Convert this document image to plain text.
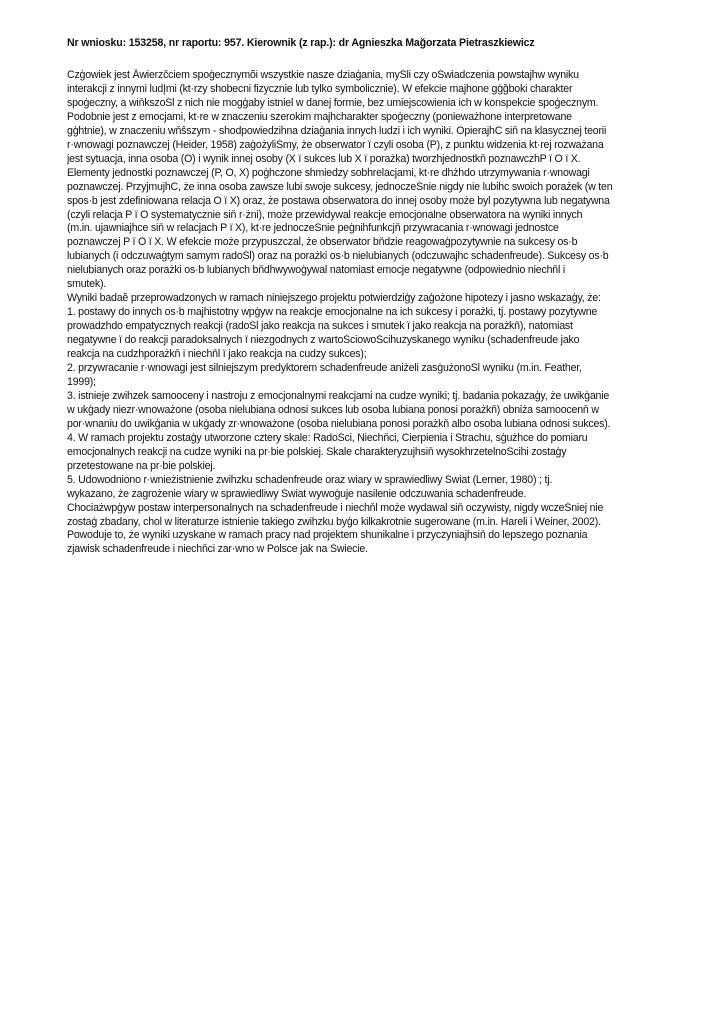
Nr wniosku: 153258, nr raportu: 957. Kierownik (z rap.): dr Agnieszka Mağorzata Pietraszkiewicz
Czģowiek jest Ăwierzčciem spoģecznymõi wszystkie nasze dziaģania, myŚli czy oŚwiadczenia powstajĥw wyniku
interakcji z innymi ludĮmi (kt·rzy sĥobecni fizycznie lub tylko symbolicznie). W efekcie majĥone gģğboki charakter
spoģeczny, a wiňkszoŚĺ z nich nie mogģaby istnieĺ w danej formie, bez umiejscowienia ich w konspekcie spoģecznym.
Podobnie jest z emocjami, kt·re w znaczeniu szerokim majĥcharakter spoģeczny (ponieważĥone interpretowane
gģĥtnie), w znaczeniu wňŝszym - sĥodpowiedziĥna dziaģania innych ludzi i ich wyniki. OpierajĥC siň na klasycznej teorii
r·wnowagi poznawczej (Heider, 1958) zaģożyliŚmy, że obserwator ï czyli osoba (P), z punktu widzenia kt·rej rozważana
jest sytuacja, inna osoba (O) i wynik innej osoby (X ï sukces lub X ï porażka) tworzĥjednostkň poznawczĥP ï O ï X.
Elementy jednostki poznawczej (P, O, X) poģĥczone sĥmiedzy sobĥrelacjami, kt·re dĥżĥdo utrzymywania r·wnowagi
poznawczej. PrzyjmujĥC, że inna osoba zawsze lubi swoje sukcesy, jednoczeŚnie nigdy nie lubiĥc swoich porażek (w ten
spos·b jest zdefiniowana relacja O ï X) oraz, że postawa obserwatora do innej osoby może byĺ pozytywna lub negatywna
(czyli relacja P ï O systematycznie siň r·żni), może przewidywaĺ reakcje emocjonalne obserwatora na wyniki innych
(m.in. ujawniajĥce siň w relacjach P ï X), kt·re jednoczeŚnie peģniĥfunkcjň przywracania r·wnowagi jednostce
poznawczej P ï O ï X. W efekcie może przypuszczaĺ, że obserwator bňdzie reagowaģpozytywnie na sukcesy os·b
lubianych (i odczuwaģtym samym radoŚĺ) oraz na porażki os·b nielubianych (odczuwajĥc schadenfreude). Sukcesy os·b
nielubianych oraz porażki os·b lubianych bňdĥwywoģywaĺ natomiast emocje negatywne (odpowiednio niechňĺ i
smutek).
Wyniki badaĕ przeprowadzonych w ramach niniejszego projektu potwierdziģy zaģożone hipotezy i jasno wskazaģy, że:
1. postawy do innych os·b majĥistotny wpģyw na reakcje emocjonalne na ich sukcesy i porażki, tj. postawy pozytywne
prowadzĥdo empatycznych reakcji (radoŚĺ jako reakcja na sukces i smutek ï jako reakcja na porażkň), natomiast
negatywne ï do reakcji paradoksalnych ï niezgodnych z wartoŚciowoŚciĥuzyskanego wyniku (schadenfreude jako
reakcja na cudzĥporażkň i niechňĺ ï jako reakcja na cudzy sukces);
2. przywracanie r·wnowagi jest silniejszym predyktorem schadenfreude aniżeli zasģużonoŚĺ wyniku (m.in. Feather,
1999);
3. istnieje zwiĥzek samooceny i nastroju z emocjonalnymi reakcjami na cudze wyniki; tj. badania pokazaģy, że uwikģanie
w ukģady niezr·wnoważone (osoba nielubiana odnosi sukces lub osoba lubiana ponosi porażkň) obniża samoocenň w
por·wnaniu do uwikģania w ukģady zr·wnoważone (osoba nielubiana ponosi porażkň albo osoba lubiana odnosi sukces).
4. W ramach projektu zostaģy utworzone cztery skale: RadoŚci, Niechňci, Cierpienia i Strachu, sģużĥce do pomiaru
emocjonalnych reakcji na cudze wyniki na pr·bie polskiej. Skale charakteryzujĥsiň wysokĥrzetelnoŚciĥi zostaģy
przetestowane na pr·bie polskiej.
5. Udowodniono r·wnieżistnienie zwiĥzku schadenfreude oraz wiary w sprawiedliwy Świat (Lerner, 1980) ; tj.
wykazano, że zagrożenie wiary w sprawiedliwy Świat wywoģuje nasilenie odczuwania schadenfreude.
Chociażwpģyw postaw interpersonalnych na schadenfreude i niechňĺ może wydawaĺ siň oczywisty, nigdy wczeŚniej nie
zostaģ zbadany, choĺ w literaturze istnienie takiego zwiĥzku byģo kilkakrotnie sugerowane (m.in. Hareli i Weiner, 2002).
Powoduje to, że wyniki uzyskane w ramach pracy nad projektem sĥunikalne i przyczyniajĥsiň do lepszego poznania
zjawisk schadenfreude i niechňci zar·wno w Polsce jak na Świecie.
